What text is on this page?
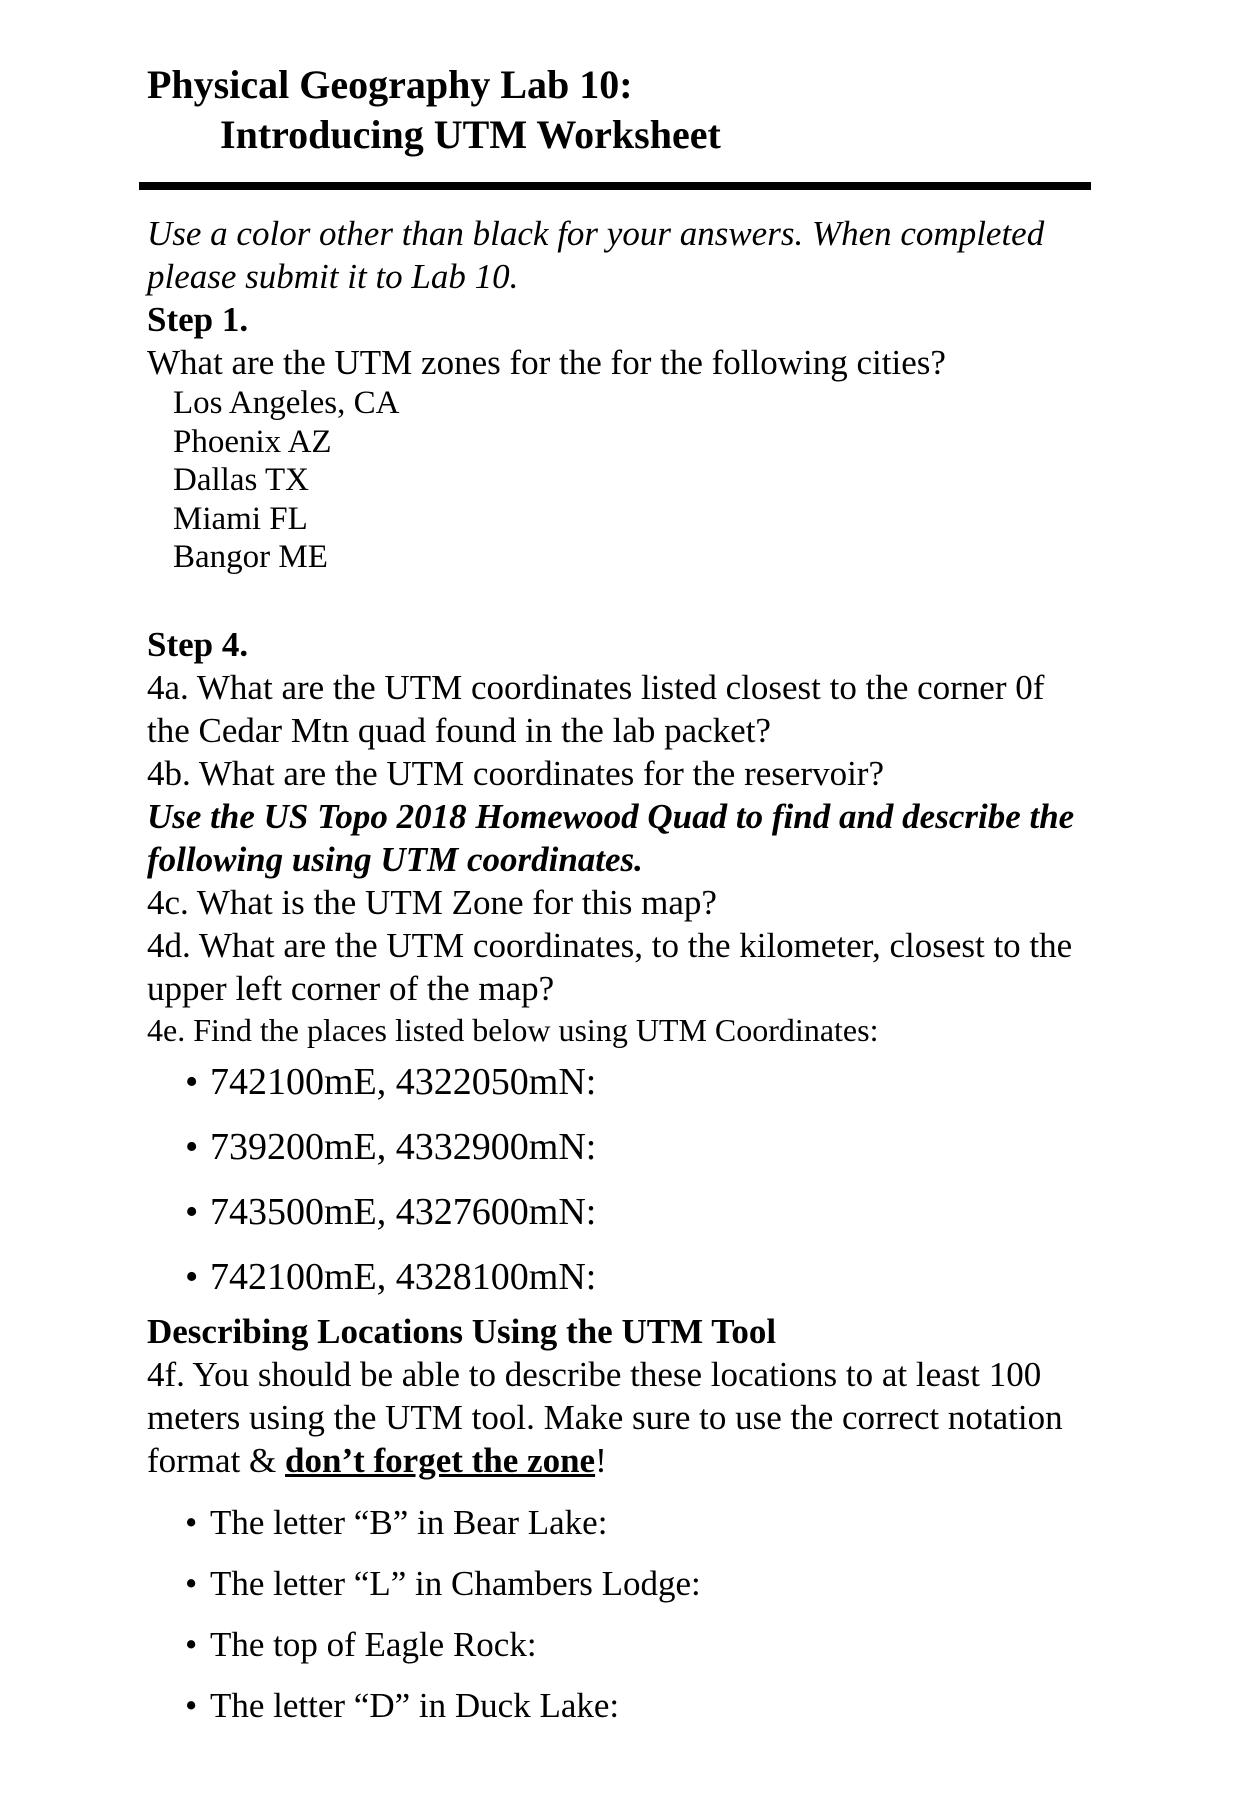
Physical Geography Lab 10:
Introducing UTM Worksheet
Use a color other than black for your answers. When completed please submit it to Lab 10.
Step 1.
What are the UTM zones for the for the following cities?
Los Angeles, CA
Phoenix AZ
Dallas TX
Miami FL
Bangor ME
Step 4.
4a. What are the UTM coordinates listed closest to the corner 0f the Cedar Mtn quad found in the lab packet?
4b. What are the UTM coordinates for the reservoir?
Use the US Topo 2018 Homewood Quad to find and describe the following using UTM coordinates.
4c. What is the UTM Zone for this map?
4d. What are the UTM coordinates, to the kilometer, closest to the upper left corner of the map?
4e. Find the places listed below using UTM Coordinates:
• 742100mE, 4322050mN:
• 739200mE, 4332900mN:
• 743500mE, 4327600mN:
• 742100mE, 4328100mN:
Describing Locations Using the UTM Tool
4f. You should be able to describe these locations to at least 100 meters using the UTM tool. Make sure to use the correct notation format & don’t forget the zone!
• The letter “B” in Bear Lake:
• The letter “L” in Chambers Lodge:
• The top of Eagle Rock:
• The letter “D” in Duck Lake:
